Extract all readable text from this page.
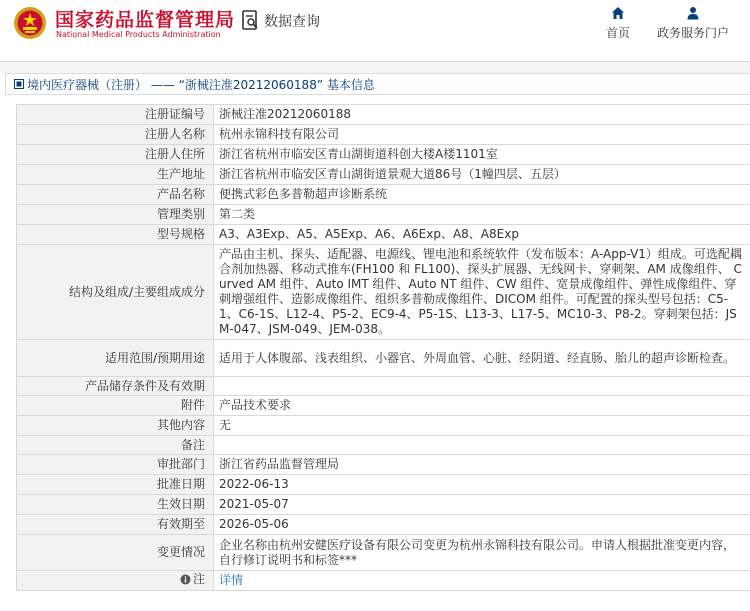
国家药品监督管理局
National Medical Products Administration
数据查询
首页 政务服务门户
境内医疗器械（注册） —— “浙械注准20212060188” 基本信息
注册证编号	浙械注准20212060188
注册人名称	杭州永锦科技有限公司
注册人住所	浙江省杭州市临安区青山湖街道科创大楼A楼1101室
生产地址	浙江省杭州市临安区青山湖街道景观大道86号（1幢四层、五层）
产品名称	便携式彩色多普勒超声诊断系统
管理类别	第二类
型号规格	A3、A3Exp、A5、A5Exp、A6、A6Exp、A8、A8Exp
结构及组成/主要组成成分	产品由主机、探头、适配器、电源线、锂电池和系统软件（发布版本：A-App-V1）组成。可选配耦合剂加热器、移动式推车(FH100 和 FL100)、探头扩展器、无线网卡、穿刺架、AM 成像组件、 Curved AM 组件、Auto IMT 组件、Auto NT 组件、CW 组件、宽景成像组件、弹性成像组件、穿刺增强组件、造影成像组件、组织多普勒成像组件、DICOM 组件。可配置的探头型号包括：C5-1、C6-1S、L12-4、P5-2、EC9-4、P5-1S、L13-3、L17-5、MC10-3、P8-2。穿刺架包括：JSM-047、JSM-049、JEM-038。
适用范围/预期用途	适用于人体腹部、浅表组织、小器官、外周血管、心脏、经阴道、经直肠、胎儿的超声诊断检查。
产品储存条件及有效期	
附件	产品技术要求
其他内容	无
备注	
审批部门	浙江省药品监督管理局
批准日期	2022-06-13
生效日期	2021-05-07
有效期至	2026-05-06
变更情况	企业名称由杭州安健医疗设备有限公司变更为杭州永锦科技有限公司。申请人根据批准变更内容，自行修订说明书和标签***

注	详情
